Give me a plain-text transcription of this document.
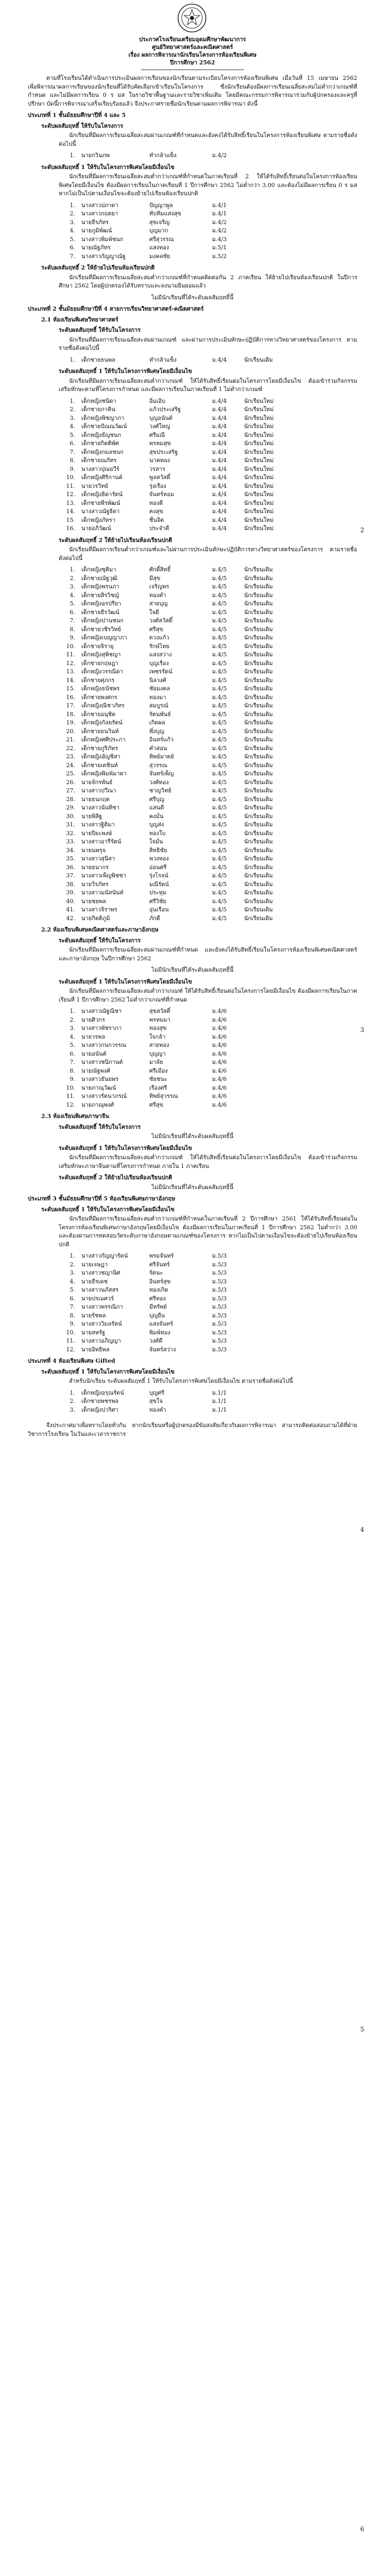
ประกาศโรงเรียนเตรียมอุดมศึกษาพัฒนาการ
ศูนย์วิทยาศาสตร์และคณิตศาสตร์
เรื่อง ผลการพิจารณานักเรียนโครงการห้องเรียนพิเศษ
ปีการศึกษา 2562

ตามที่โรงเรียนได้ดำเนินการประเมินผลการเรียนของนักเรียนตามระเบียบโครงการห้องเรียนพิเศษ เมื่อวันที่ 15 เมษายน 2562 เพื่อพิจารณาผลการเรียนของนักเรียนที่ได้รับคัดเลือกเข้าเรียนในโครงการ ซึ่งนักเรียนต้องมีผลการเรียนเฉลี่ยสะสมไม่ต่ำกว่าเกณฑ์ที่กำหนด และไม่มีผลการเรียน 0 ร มส ในรายวิชาพื้นฐานและรายวิชาเพิ่มเติม โดยมีคณะกรรมการพิจารณาร่วมกับผู้ปกครองและครูที่ปรึกษา บัดนี้การพิจารณาเสร็จเรียบร้อยแล้ว จึงประกาศรายชื่อนักเรียนตามผลการพิจารณา ดังนี้

ประเภทที่ 1 ชั้นมัธยมศึกษาปีที่ 4 และ 5
ระดับผลสัมฤทธิ์ ให้รับในโครงการ

นักเรียนที่มีผลการเรียนเฉลี่ยสะสมผ่านเกณฑ์ที่กำหนดและยังคงได้รับสิทธิ์เรียนในโครงการห้องเรียนพิเศษ ตามรายชื่อดังต่อไปนี้

1.	นายกวินภพ	ทำกล้าแข็ง	ม.4/2	
ระดับผลสัมฤทธิ์ 1 ให้รับในโครงการพิเศษโดยมีเงื่อนไข

นักเรียนที่มีผลการเรียนเฉลี่ยสะสมต่ำกว่าเกณฑ์ที่กำหนดในภาคเรียนที่ 2 ให้ได้รับสิทธิ์เรียนต่อในโครงการห้องเรียนพิเศษโดยมีเงื่อนไข ต้องมีผลการเรียนในภาคเรียนที่ 1 ปีการศึกษา 2562 ไม่ต่ำกว่า 3.00 และต้องไม่มีผลการเรียน 0 ร มส หากไม่เป็นไปตามเงื่อนไขจะต้องย้ายไปเรียนห้องเรียนปกติ

1.	นางสาวปภาดา	ปัญญาพูล	ม.4/1	
2.	นางสาวกฤตยา	ทับทิมแสงสุข	ม.4/1	
3.	นายธีรภัทร	สุขเจริญ	ม.4/2	
4.	นายภูมิพัฒน์	บุญมาก	ม.4/2	
5.	นางสาวพิมพ์ชนก	ศรีสุวรรณ	ม.4/3	
6.	นายณัฐภัทร	แสงทอง	ม.5/1	
7.	นางสาวกัญญาณัฐ	มงคลชัย	ม.5/2	
ระดับผลสัมฤทธิ์ 2 ให้ย้ายไปเรียนห้องเรียนปกติ

นักเรียนที่มีผลการเรียนเฉลี่ยสะสมต่ำกว่าเกณฑ์ที่กำหนดติดต่อกัน 2 ภาคเรียน ให้ย้ายไปเรียนห้องเรียนปกติ ในปีการศึกษา 2562 โดยผู้ปกครองได้รับทราบและลงนามยินยอมแล้ว

ไม่มีนักเรียนที่ได้ระดับผลสัมฤทธิ์นี้
ประเภทที่ 2 ชั้นมัธยมศึกษาปีที่ 4 สายการเรียนวิทยาศาสตร์-คณิตศาสตร์
2.1 ห้องเรียนพิเศษวิทยาศาสตร์
ระดับผลสัมฤทธิ์ ให้รับในโครงการ

นักเรียนที่มีผลการเรียนเฉลี่ยสะสมผ่านเกณฑ์ และผ่านการประเมินทักษะปฏิบัติการทางวิทยาศาสตร์ของโครงการ ตามรายชื่อดังต่อไปนี้

1.	เด็กชายธนพล	ทำกล้าแข็ง	ม.4/4	นักเรียนเดิม
ระดับผลสัมฤทธิ์ 1 ให้รับในโครงการพิเศษโดยมีเงื่อนไข

นักเรียนที่มีผลการเรียนเฉลี่ยสะสมต่ำกว่าเกณฑ์ ให้ได้รับสิทธิ์เรียนต่อในโครงการโดยมีเงื่อนไข ต้องเข้าร่วมกิจกรรมเสริมทักษะตามที่โครงการกำหนด และมีผลการเรียนในภาคเรียนที่ 1 ไม่ต่ำกว่าเกณฑ์

1.	เด็กหญิงชนิดา	อิ่มเอิบ	ม.4/4	นักเรียนใหม่
2.	เด็กชายภาคิน	แก้วประเสริฐ	ม.4/4	นักเรียนใหม่
3.	เด็กหญิงพิชญาภา	บุญอนันต์	ม.4/4	นักเรียนใหม่
4.	เด็กชายปัณณวัฒน์	วงศ์ใหญ่	ม.4/4	นักเรียนใหม่
5.	เด็กหญิงธัญชนก	ศรีมณี	ม.4/4	นักเรียนใหม่
6.	เด็กชายกิตติพัศ	พรหมสุข	ม.4/4	นักเรียนใหม่
7.	เด็กหญิงกมลชนก	สุขประเสริฐ	ม.4/4	นักเรียนใหม่
8.	เด็กชายณภัทร	นาคทอง	ม.4/4	นักเรียนใหม่
9.	นางสาวปุณยวีร์	วรสาร	ม.4/4	นักเรียนใหม่
10.	เด็กหญิงศิริกานต์	พูลสวัสดิ์	ม.4/4	นักเรียนใหม่
11.	นายวรวิทย์	รุ่งเรือง	ม.4/4	นักเรียนใหม่
12.	เด็กหญิงธิดารัตน์	จันทร์หอม	ม.4/4	นักเรียนใหม่
13.	เด็กชายพีรพัฒน์	ทองดี	ม.4/4	นักเรียนใหม่
14.	นางสาวณัฐธิดา	คงสุข	ม.4/4	นักเรียนใหม่
15.	เด็กหญิงภัทรา	ชื่นจิต	ม.4/4	นักเรียนใหม่
16.	นายอภิวัฒน์	ประจำดี	ม.4/4	นักเรียนใหม่
ระดับผลสัมฤทธิ์ 2 ให้ย้ายไปเรียนห้องเรียนปกติ

นักเรียนที่มีผลการเรียนต่ำกว่าเกณฑ์และไม่ผ่านการประเมินทักษะปฏิบัติการทางวิทยาศาสตร์ของโครงการ ตามรายชื่อดังต่อไปนี้

1.	เด็กหญิงชุติมา	ศักดิ์สิทธิ์	ม.4/5	นักเรียนเดิม
2.	เด็กชายณัฐวุฒิ	มีสุข	ม.4/5	นักเรียนเดิม
3.	เด็กหญิงพรนภา	เจริญพร	ม.4/5	นักเรียนเดิม
4.	เด็กชายสิรวิชญ์	ทองคำ	ม.4/5	นักเรียนเดิม
5.	เด็กหญิงอรปรียา	สายบุญ	ม.4/5	นักเรียนเดิม
6.	เด็กชายธีรวัฒน์	ใจดี	ม.4/5	นักเรียนเดิม
7.	เด็กหญิงปานชนก	วงศ์สวัสดิ์	ม.4/5	นักเรียนเดิม
8.	เด็กชายวชิรวิทย์	ศรีสุข	ม.4/5	นักเรียนเดิม
9.	เด็กหญิงเบญญาภา	ดวงแก้ว	ม.4/5	นักเรียนเดิม
10.	เด็กชายจิรายุ	รักษ์ไทย	ม.4/5	นักเรียนเดิม
11.	เด็กหญิงสุพิชญา	แสงสว่าง	ม.4/5	นักเรียนเดิม
12.	เด็กชายกฤษฎา	บุญเรือง	ม.4/5	นักเรียนเดิม
13.	เด็กหญิงวรรณิดา	เพชรรัตน์	ม.4/5	นักเรียนเดิม
14.	เด็กชายศุภกร	นิลวงศ์	ม.4/5	นักเรียนเดิม
15.	เด็กหญิงธนัชพร	ชัยมงคล	ม.4/5	นักเรียนเดิม
16.	เด็กชายพงศกร	ทองมา	ม.4/5	นักเรียนเดิม
17.	เด็กหญิงณิชาภัทร	สมบูรณ์	ม.4/5	นักเรียนเดิม
18.	เด็กชายอนุชิต	รัตนพันธ์	ม.4/5	นักเรียนเดิม
19.	เด็กหญิงกัลยรัตน์	เกิดผล	ม.4/5	นักเรียนเดิม
20.	เด็กชายธนวินท์	พึ่งบุญ	ม.4/5	นักเรียนเดิม
21.	เด็กหญิงศศิประภา	อินทร์แก้ว	ม.4/5	นักเรียนเดิม
22.	เด็กชายภูริภัทร	คำสอน	ม.4/5	นักเรียนเดิม
23.	เด็กหญิงอัญชิสา	ทิพย์มาตย์	ม.4/5	นักเรียนเดิม
24.	เด็กชายเตชินท์	สุวรรณ	ม.4/5	นักเรียนเดิม
25.	เด็กหญิงพิมพ์มาดา	จันทร์เพ็ญ	ม.4/5	นักเรียนเดิม
26.	นายจักรพันธ์	วงศ์ทอง	ม.4/5	นักเรียนเดิม
27.	นางสาวปวีณา	ชาญวิทย์	ม.4/5	นักเรียนเดิม
28.	นายธนกฤต	ศรีบุญ	ม.4/5	นักเรียนเดิม
29.	นางสาวนันทิชา	แสนดี	ม.4/5	นักเรียนเดิม
30.	นายพิสิฐ	คงมั่น	ม.4/5	นักเรียนเดิม
31.	นางสาวฐิติมา	บุญส่ง	ม.4/5	นักเรียนเดิม
32.	นายปิยะพงษ์	ทองใบ	ม.4/5	นักเรียนเดิม
33.	นางสาวอารีรัตน์	ใจมั่น	ม.4/5	นักเรียนเดิม
34.	นายนพรุจ	สิทธิชัย	ม.4/5	นักเรียนเดิม
35.	นางสาวสุนิสา	พวงทอง	ม.4/5	นักเรียนเดิม
36.	นายธนากร	อ่อนศรี	ม.4/5	นักเรียนเดิม
37.	นางสาวเพ็ญพิชชา	รุ่งโรจน์	ม.4/5	นักเรียนเดิม
38.	นายวีรภัทร	มณีรัตน์	ม.4/5	นักเรียนเดิม
39.	นางสาวมนัสนันท์	ประทุม	ม.4/5	นักเรียนเดิม
40.	นายชยพล	ศรีวิชัย	ม.4/5	นักเรียนเดิม
41.	นางสาวจิราพร	อุ่นเรือน	ม.4/5	นักเรียนเดิม
42.	นายกิตติภูมิ	ภักดี	ม.4/5	นักเรียนเดิม
2.2 ห้องเรียนพิเศษคณิตศาสตร์และภาษาอังกฤษ
ระดับผลสัมฤทธิ์ ให้รับในโครงการ

นักเรียนที่มีผลการเรียนเฉลี่ยสะสมผ่านเกณฑ์ที่กำหนด และยังคงได้รับสิทธิ์เรียนในโครงการห้องเรียนพิเศษคณิตศาสตร์และภาษาอังกฤษ ในปีการศึกษา 2562

ไม่มีนักเรียนที่ได้ระดับผลสัมฤทธิ์นี้
ระดับผลสัมฤทธิ์ 1 ให้รับในโครงการพิเศษโดยมีเงื่อนไข

นักเรียนที่มีผลการเรียนเฉลี่ยสะสมต่ำกว่าเกณฑ์ ให้ได้รับสิทธิ์เรียนต่อในโครงการโดยมีเงื่อนไข ต้องมีผลการเรียนในภาคเรียนที่ 1 ปีการศึกษา 2562 ไม่ต่ำกว่าเกณฑ์ที่กำหนด

1.	นางสาวณัฐณิชา	สุขสวัสดิ์	ม.4/6	
2.	นายศิวกร	พรหมมา	ม.4/6	
3.	นางสาวพัชราภา	ทองสุข	ม.4/6	
4.	นายวรพล	ใจกล้า	ม.4/6	
5.	นางสาวกนกวรรณ	สายทอง	ม.4/6	
6.	นายอนันต์	บุญญา	ม.4/6	
7.	นางสาวชนิกานต์	มาลัย	ม.4/6	
8.	นายณัฐพงศ์	ศรีเมือง	ม.4/6	
9.	นางสาวธันยพร	ชัยชนะ	ม.4/6	
10.	นายภาณุวัฒน์	เรืองศรี	ม.4/6	
11.	นางสาวรัตนาภรณ์	ทิพย์สุวรรณ	ม.4/6	
12.	นายภาณุพงศ์	ศรีสุข	ม.4/6	
2.3 ห้องเรียนพิเศษภาษาจีน
ระดับผลสัมฤทธิ์ ให้รับในโครงการ
ไม่มีนักเรียนที่ได้ระดับผลสัมฤทธิ์นี้
ระดับผลสัมฤทธิ์ 1 ให้รับในโครงการพิเศษโดยมีเงื่อนไข

นักเรียนที่มีผลการเรียนเฉลี่ยสะสมต่ำกว่าเกณฑ์ ให้ได้รับสิทธิ์เรียนต่อในโครงการโดยมีเงื่อนไข ต้องเข้าร่วมกิจกรรมเสริมทักษะภาษาจีนตามที่โครงการกำหนด ภายใน 1 ภาคเรียน

ระดับผลสัมฤทธิ์ 2 ให้ย้ายไปเรียนห้องเรียนปกติ
ไม่มีนักเรียนที่ได้ระดับผลสัมฤทธิ์นี้
ประเภทที่ 3 ชั้นมัธยมศึกษาปีที่ 5 ห้องเรียนพิเศษภาษาอังกฤษ
ระดับผลสัมฤทธิ์ 1 ให้รับในโครงการพิเศษโดยมีเงื่อนไข

นักเรียนที่มีผลการเรียนเฉลี่ยสะสมต่ำกว่าเกณฑ์ที่กำหนดในภาคเรียนที่ 2 ปีการศึกษา 2561 ให้ได้รับสิทธิ์เรียนต่อในโครงการห้องเรียนพิเศษภาษาอังกฤษโดยมีเงื่อนไข ต้องมีผลการเรียนในภาคเรียนที่ 1 ปีการศึกษา 2562 ไม่ต่ำกว่า 3.00 และต้องผ่านการทดสอบวัดระดับภาษาอังกฤษตามเกณฑ์ของโครงการ หากไม่เป็นไปตามเงื่อนไขจะต้องย้ายไปเรียนห้องเรียนปกติ

1.	นางสาวกัญญารัตน์	พรมจันทร์	ม.5/3	
2.	นายเจษฎา	ศรีจันทร์	ม.5/3	
3.	นางสาวชญานิศ	รัตนะ	ม.5/3	
4.	นายธีรเดช	อินทร์สุข	ม.5/3	
5.	นางสาวนภัสสร	ทองเกิด	ม.5/3	
6.	นายปรเมศวร์	ศรีทอง	ม.5/3	
7.	นางสาวพรรณิภา	มีทรัพย์	ม.5/3	
8.	นายรัชพล	บุญยืน	ม.5/3	
9.	นางสาววิมลรัตน์	แสงจันทร์	ม.5/3	
10.	นายสหรัฐ	พิมพ์ทอง	ม.5/3	
11.	นางสาวอภิญญา	วงศ์ดี	ม.5/3	
12.	นายอิทธิพล	จันทร์สว่าง	ม.5/3	
ประเภทที่ 4 ห้องเรียนพิเศษ Gifted
ระดับผลสัมฤทธิ์ 1 ให้รับในโครงการพิเศษโดยมีเงื่อนไข

สำหรับนักเรียน ระดับผลสัมฤทธิ์ 1 ให้รับในโครงการพิเศษโดยมีเงื่อนไข ตามรายชื่อดังต่อไปนี้

1.	เด็กหญิงอรุณรัตน์	บุญศรี	ม.1/1	
2.	เด็กชายพชรพล	สุขใจ	ม.1/1	
3.	เด็กหญิงปวริศา	ทองคำ	ม.1/1	

จึงประกาศมาเพื่อทราบโดยทั่วกัน หากนักเรียนหรือผู้ปกครองมีข้อสงสัยเกี่ยวกับผลการพิจารณา สามารถติดต่อสอบถามได้ที่ฝ่ายวิชาการโรงเรียน ในวันและเวลาราชการ

2
3
4
5
6
